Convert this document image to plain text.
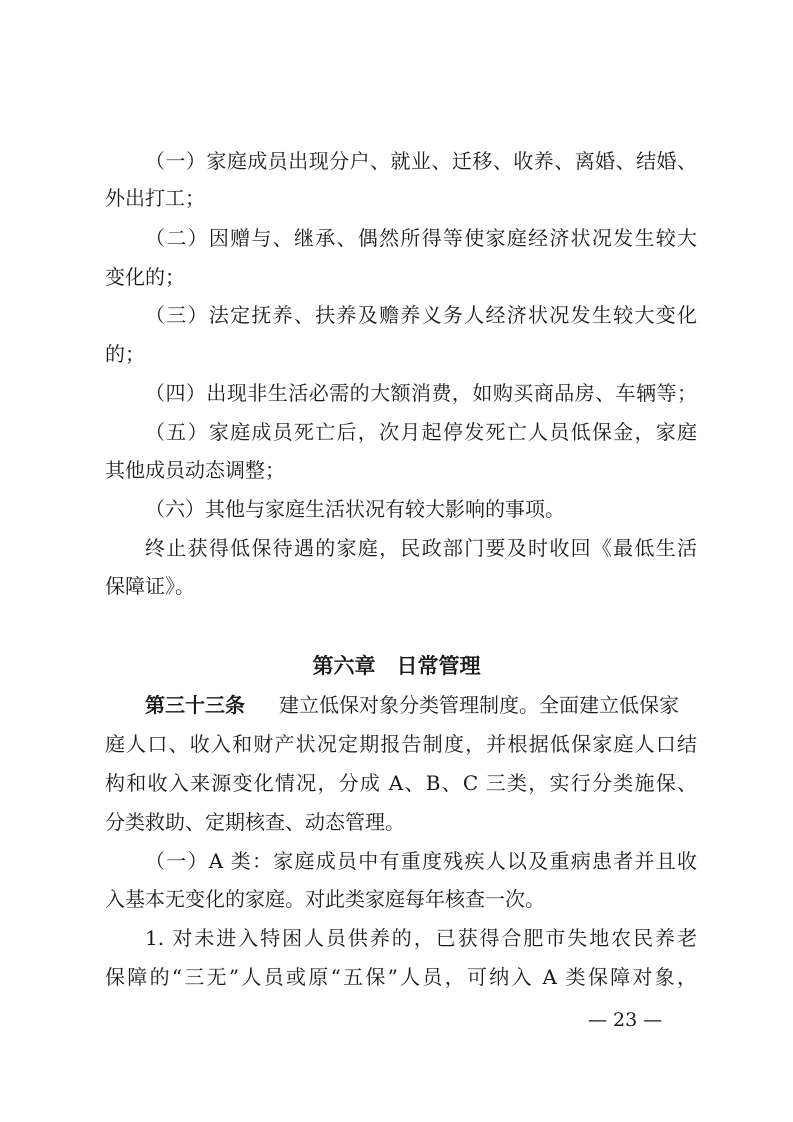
（一）家庭成员出现分户、就业、迁移、收养、离婚、结婚、

外出打工；

（二）因赠与、继承、偶然所得等使家庭经济状况发生较大

变化的；

（三）法定抚养、扶养及赡养义务人经济状况发生较大变化

的；

（四）出现非生活必需的大额消费，如购买商品房、车辆等；

（五）家庭成员死亡后，次月起停发死亡人员低保金，家庭

其他成员动态调整；

（六）其他与家庭生活状况有较大影响的事项。

终止获得低保待遇的家庭，民政部门要及时收回《最低生活

保障证》。

第六章　日常管理

第三十三条 建立低保对象分类管理制度。全面建立低保家

庭人口、收入和财产状况定期报告制度，并根据低保家庭人口结

构和收入来源变化情况，分成 A、B、C 三类，实行分类施保、

分类救助、定期核查、动态管理。

（一）A 类：家庭成员中有重度残疾人以及重病患者并且收

入基本无变化的家庭。对此类家庭每年核查一次。

1. 对未进入特困人员供养的，已获得合肥市失地农民养老

保障的“三无”人员或原“五保”人员，可纳入 A 类保障对象，

— 23 —
